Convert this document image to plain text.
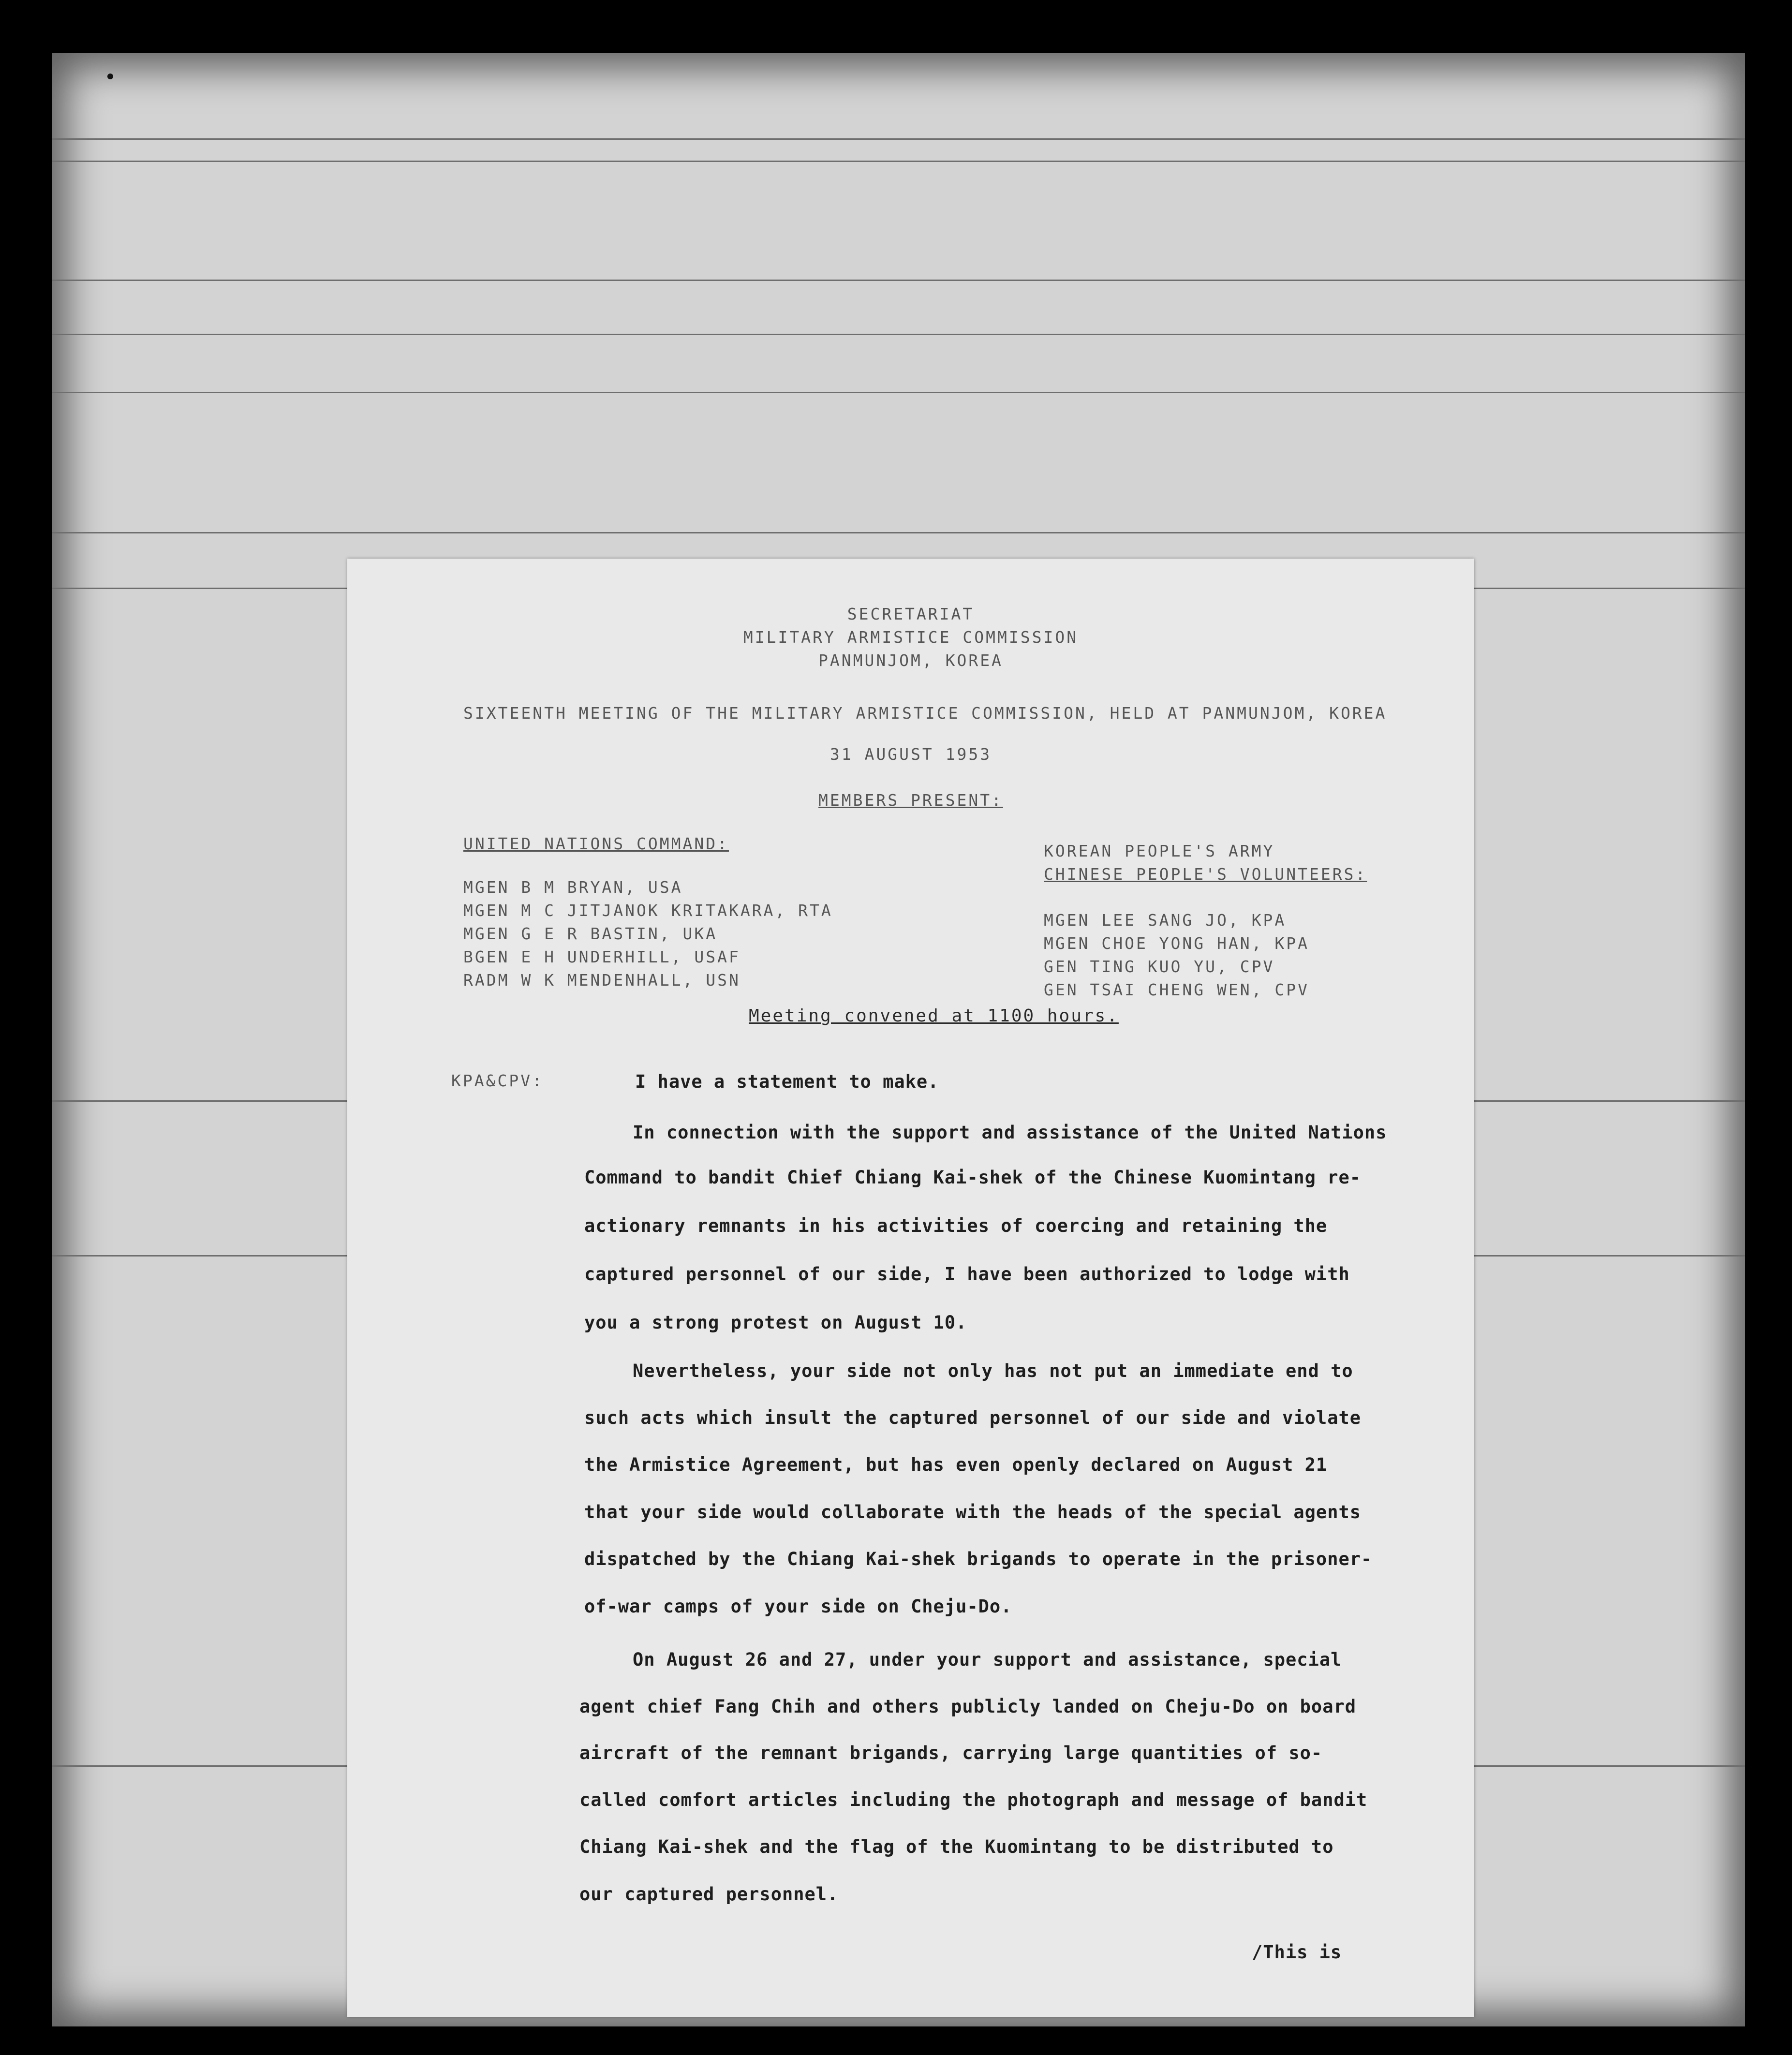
SECRETARIAT
MILITARY ARMISTICE COMMISSION
PANMUNJOM, KOREA
SIXTEENTH MEETING OF THE MILITARY ARMISTICE COMMISSION, HELD AT PANMUNJOM, KOREA
31 AUGUST 1953
MEMBERS PRESENT:
UNITED NATIONS COMMAND:
MGEN B M BRYAN, USA
MGEN M C JITJANOK KRITAKARA, RTA
MGEN G E R BASTIN, UKA
BGEN E H UNDERHILL, USAF
RADM W K MENDENHALL, USN
KOREAN PEOPLE'S ARMY
CHINESE PEOPLE'S VOLUNTEERS:
MGEN LEE SANG JO, KPA
MGEN CHOE YONG HAN, KPA
GEN TING KUO YU, CPV
GEN TSAI CHENG WEN, CPV
Meeting convened at 1100 hours.
KPA&CPV:	I have a statement to make.
In connection with the support and assistance of the United Nations
Command to bandit Chief Chiang Kai-shek of the Chinese Kuomintang re-
actionary remnants in his activities of coercing and retaining the
captured personnel of our side, I have been authorized to lodge with
you a strong protest on August 10.
Nevertheless, your side not only has not put an immediate end to
such acts which insult the captured personnel of our side and violate
the Armistice Agreement, but has even openly declared on August 21
that your side would collaborate with the heads of the special agents
dispatched by the Chiang Kai-shek brigands to operate in the prisoner-
of-war camps of your side on Cheju-Do.
On August 26 and 27, under your support and assistance, special
agent chief Fang Chih and others publicly landed on Cheju-Do on board
aircraft of the remnant brigands, carrying large quantities of so-
called comfort articles including the photograph and message of bandit
Chiang Kai-shek and the flag of the Kuomintang to be distributed to
our captured personnel.
/This is
